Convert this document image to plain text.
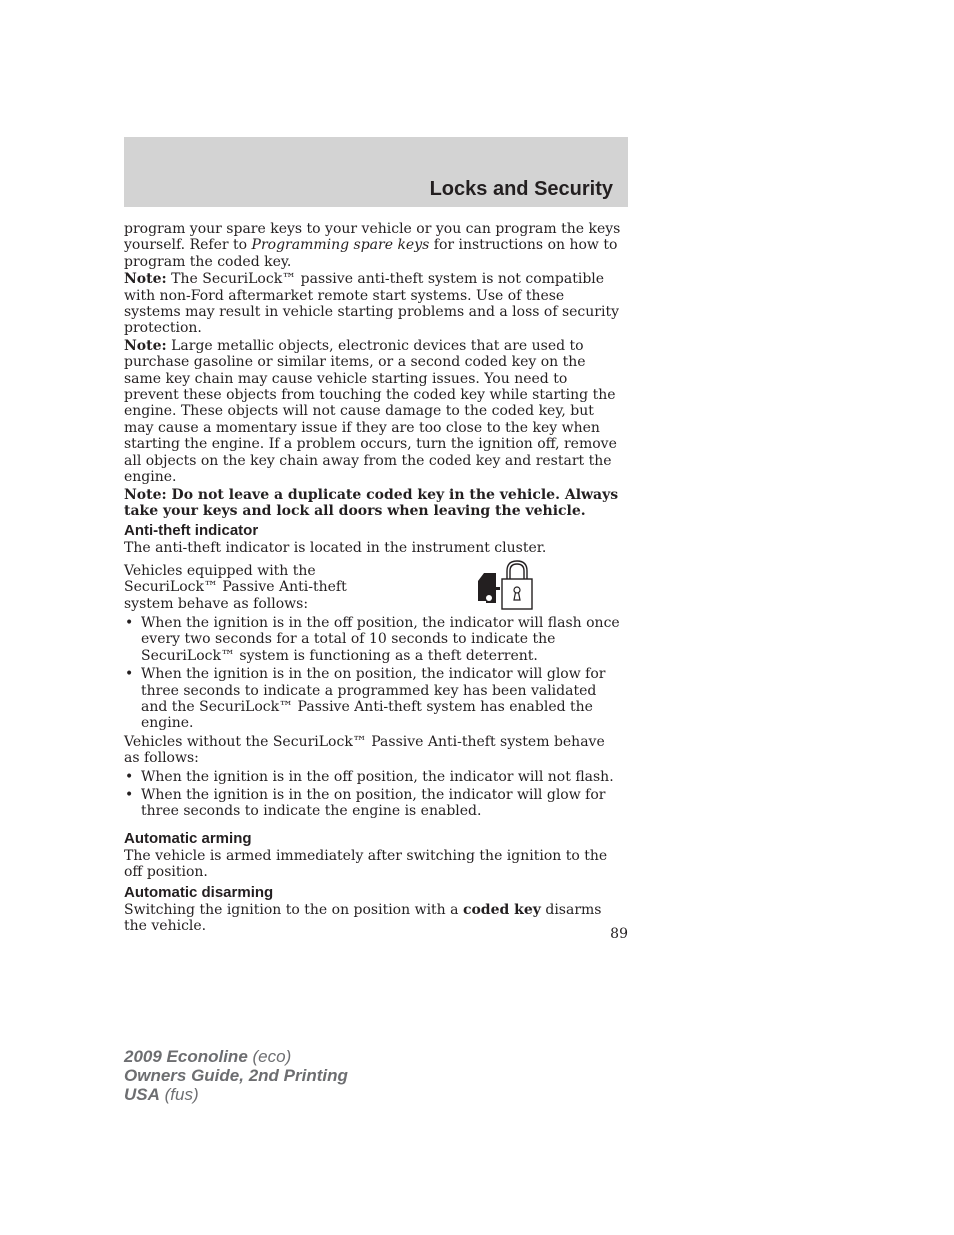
Locks and Security

program your spare keys to your vehicle or you can program the keys yourself. Refer to Programming spare keys for instructions on how to program the coded key.

Note: The SecuriLock™ passive anti-theft system is not compatible with non-Ford aftermarket remote start systems. Use of these systems may result in vehicle starting problems and a loss of security protection.

Note: Large metallic objects, electronic devices that are used to purchase gasoline or similar items, or a second coded key on the same key chain may cause vehicle starting issues. You need to prevent these objects from touching the coded key while starting the engine. These objects will not cause damage to the coded key, but may cause a momentary issue if they are too close to the key when starting the engine. If a problem occurs, turn the ignition off, remove all objects on the key chain away from the coded key and restart the engine.

Note: Do not leave a duplicate coded key in the vehicle. Always take your keys and lock all doors when leaving the vehicle.

Anti-theft indicator

The anti-theft indicator is located in the instrument cluster.

Vehicles equipped with the SecuriLock™ Passive Anti-theft system behave as follows:

• When the ignition is in the off position, the indicator will flash once every two seconds for a total of 10 seconds to indicate the SecuriLock™ system is functioning as a theft deterrent.
• When the ignition is in the on position, the indicator will glow for three seconds to indicate a programmed key has been validated and the SecuriLock™ Passive Anti-theft system has enabled the engine.

Vehicles without the SecuriLock™ Passive Anti-theft system behave as follows:

• When the ignition is in the off position, the indicator will not flash.
• When the ignition is in the on position, the indicator will glow for three seconds to indicate the engine is enabled.
Automatic arming

The vehicle is armed immediately after switching the ignition to the off position.

Automatic disarming

Switching the ignition to the on position with a coded key disarms the vehicle.	89
2009 Econoline (eco)
Owners Guide, 2nd Printing
USA (fus)
